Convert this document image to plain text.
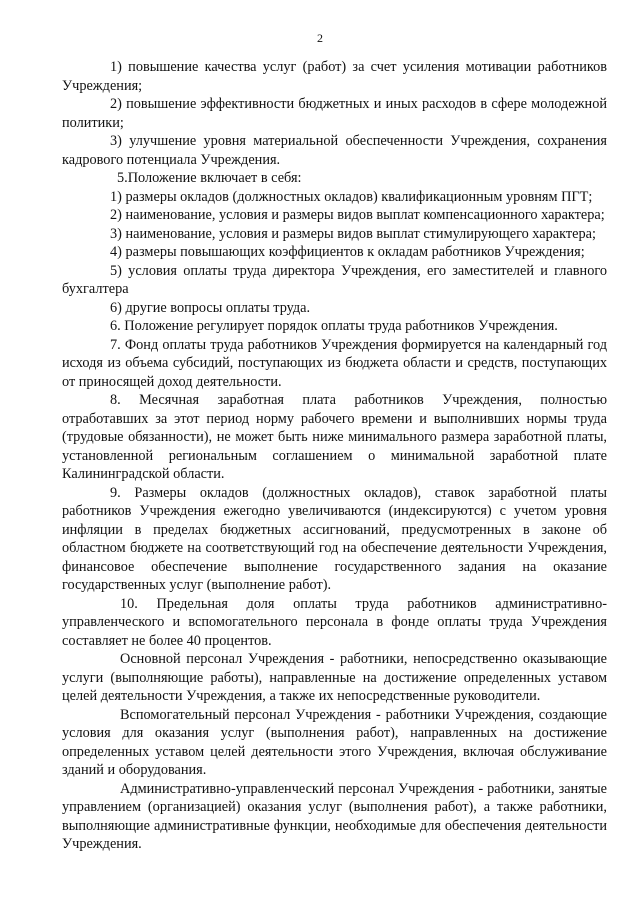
2

1) повышение качества услуг (работ) за счет усиления мотивации работников Учреждения;

2) повышение эффективности бюджетных и иных расходов в сфере молодежной политики;

3) улучшение уровня материальной обеспеченности Учреждения, сохранения кадрового потенциала Учреждения.

5.Положение включает в себя:

1) размеры окладов (должностных окладов) квалификационным уровням ПГТ;

2) наименование, условия и размеры видов выплат компенсационного характера;

3) наименование, условия и размеры видов выплат стимулирующего характера;

4) размеры повышающих коэффициентов к окладам работников Учреждения;

5) условия оплаты труда директора Учреждения, его заместителей и главного бухгалтера

6) другие вопросы оплаты труда.

6. Положение регулирует порядок оплаты труда работников Учреждения.

7. Фонд оплаты труда работников Учреждения формируется на календарный год исходя из объема субсидий, поступающих из бюджета области и средств, поступающих от приносящей доход деятельности.

8. Месячная заработная плата работников Учреждения, полностью отработавших за этот период норму рабочего времени и выполнивших нормы труда (трудовые обязанности), не может быть ниже минимального размера заработной платы, установленной региональным соглашением о минимальной заработной плате Калининградской области.

9. Размеры окладов (должностных окладов), ставок заработной платы работников Учреждения ежегодно увеличиваются (индексируются) с учетом уровня инфляции в пределах бюджетных ассигнований, предусмотренных в законе об областном бюджете на соответствующий год на обеспечение деятельности Учреждения, финансовое обеспечение выполнение государственного задания на оказание государственных услуг (выполнение работ).

10. Предельная доля оплаты труда работников административно-управленческого и вспомогательного персонала в фонде оплаты труда Учреждения составляет не более 40 процентов.

Основной персонал Учреждения - работники, непосредственно оказывающие услуги (выполняющие работы), направленные на достижение определенных уставом целей деятельности Учреждения, а также их непосредственные руководители.

Вспомогательный персонал Учреждения - работники Учреждения, создающие условия для оказания услуг (выполнения работ), направленных на достижение определенных уставом целей деятельности этого Учреждения, включая обслуживание зданий и оборудования.

Административно-управленческий персонал Учреждения - работники, занятые управлением (организацией) оказания услуг (выполнения работ), а также работники, выполняющие административные функции, необходимые для обеспечения деятельности Учреждения.
